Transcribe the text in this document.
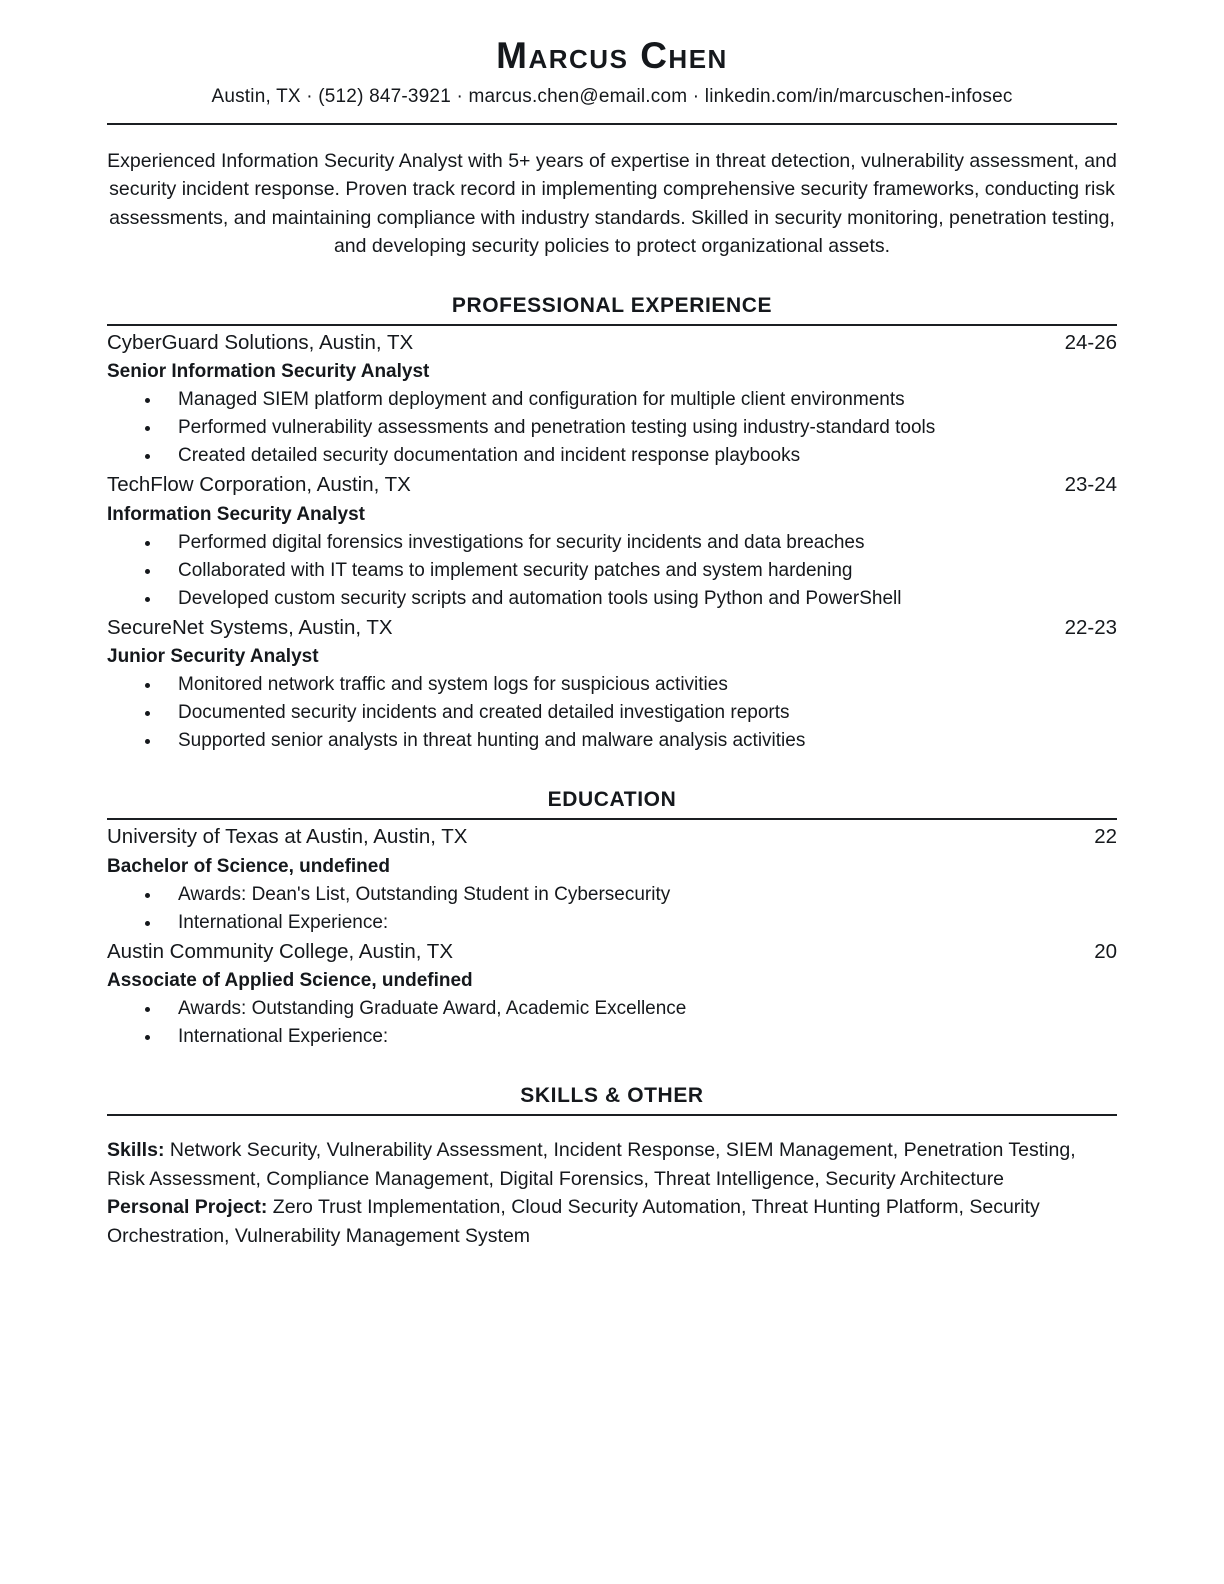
Marcus Chen
Austin, TX · (512) 847-3921 · marcus.chen@email.com · linkedin.com/in/marcuschen-infosec
Experienced Information Security Analyst with 5+ years of expertise in threat detection, vulnerability assessment, and security incident response. Proven track record in implementing comprehensive security frameworks, conducting risk assessments, and maintaining compliance with industry standards. Skilled in security monitoring, penetration testing, and developing security policies to protect organizational assets.
PROFESSIONAL EXPERIENCE
CyberGuard Solutions, Austin, TX	24-26
Senior Information Security Analyst
• Managed SIEM platform deployment and configuration for multiple client environments
• Performed vulnerability assessments and penetration testing using industry-standard tools
• Created detailed security documentation and incident response playbooks
TechFlow Corporation, Austin, TX	23-24
Information Security Analyst
• Performed digital forensics investigations for security incidents and data breaches
• Collaborated with IT teams to implement security patches and system hardening
• Developed custom security scripts and automation tools using Python and PowerShell
SecureNet Systems, Austin, TX	22-23
Junior Security Analyst
• Monitored network traffic and system logs for suspicious activities
• Documented security incidents and created detailed investigation reports
• Supported senior analysts in threat hunting and malware analysis activities
EDUCATION
University of Texas at Austin, Austin, TX	22
Bachelor of Science, undefined
• Awards: Dean's List, Outstanding Student in Cybersecurity
• International Experience:
Austin Community College, Austin, TX	20
Associate of Applied Science, undefined
• Awards: Outstanding Graduate Award, Academic Excellence
• International Experience:
SKILLS & OTHER

Skills: Network Security, Vulnerability Assessment, Incident Response, SIEM Management, Penetration Testing, Risk Assessment, Compliance Management, Digital Forensics, Threat Intelligence, Security Architecture

Personal Project: Zero Trust Implementation, Cloud Security Automation, Threat Hunting Platform, Security Orchestration, Vulnerability Management System
